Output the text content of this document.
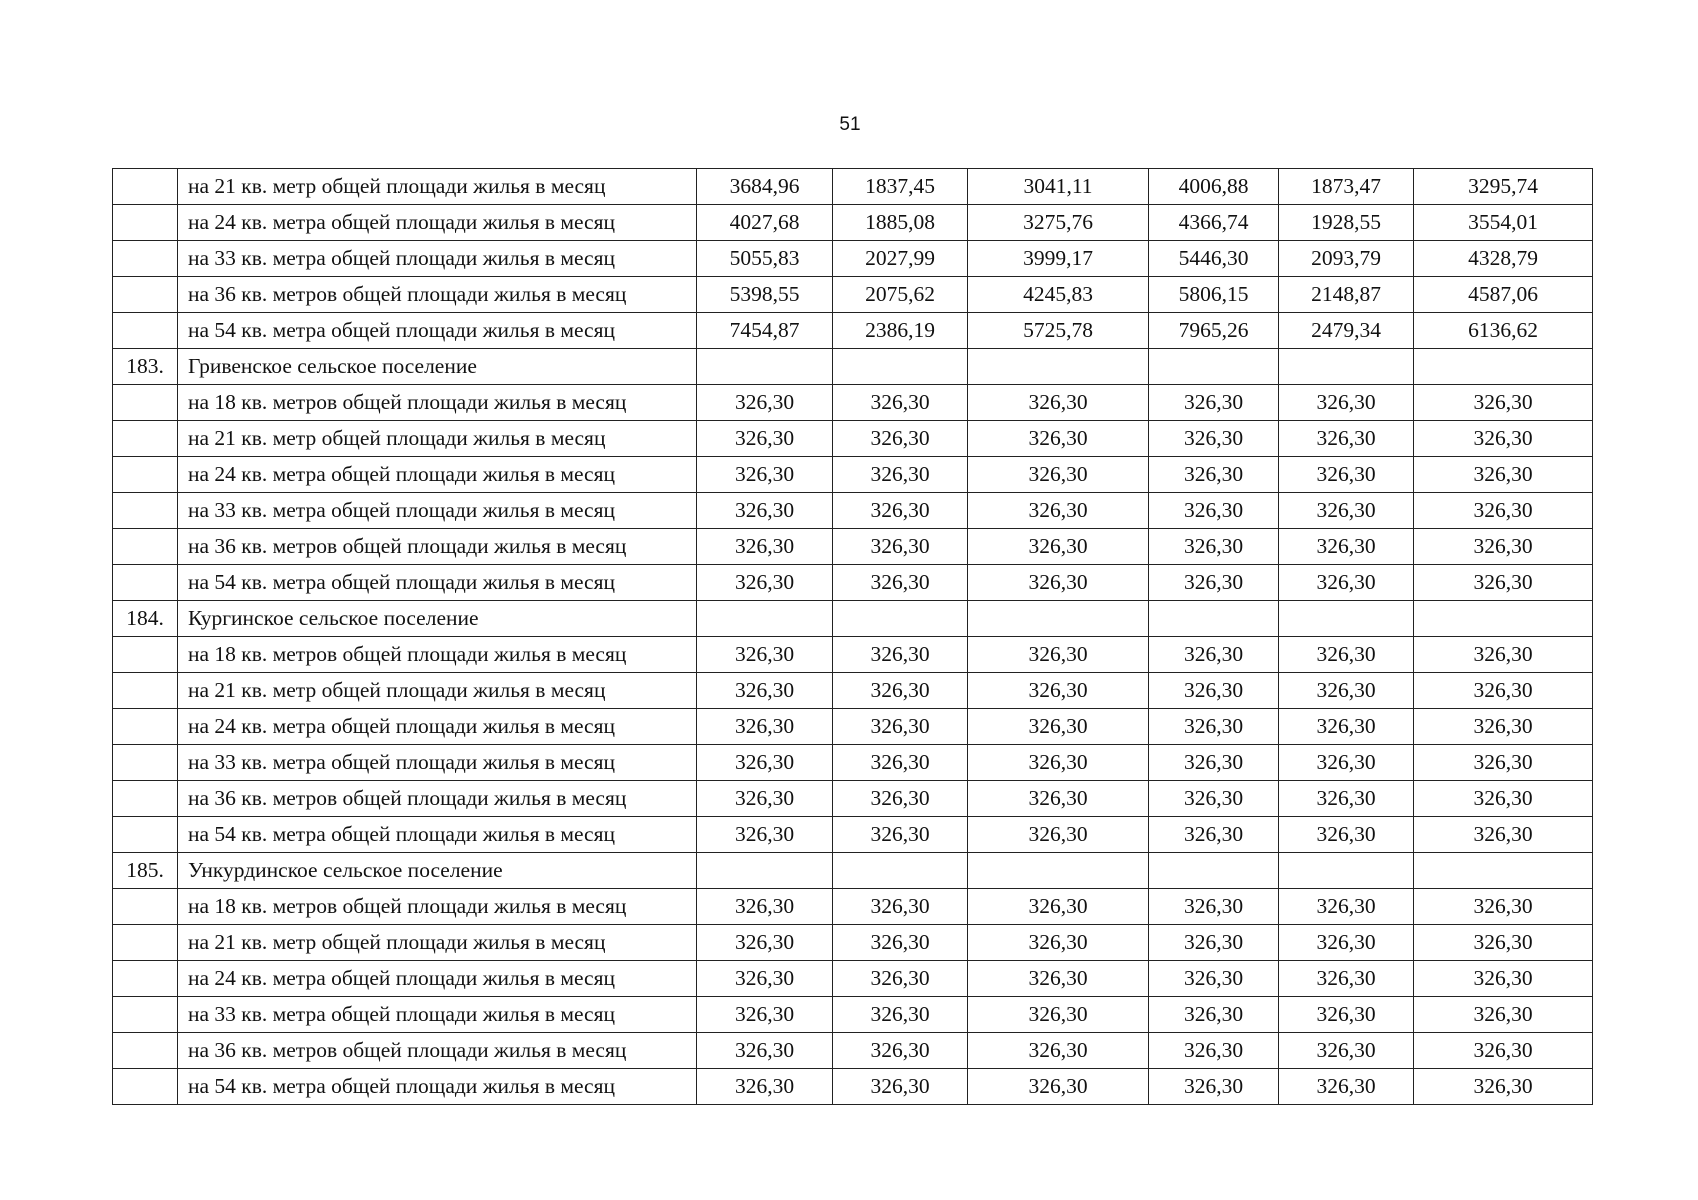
51
	на 21 кв. метр общей площади жилья в месяц	3684,96	1837,45	3041,11	4006,88	1873,47	3295,74
	на 24 кв. метра общей площади жилья в месяц	4027,68	1885,08	3275,76	4366,74	1928,55	3554,01
	на 33 кв. метра общей площади жилья в месяц	5055,83	2027,99	3999,17	5446,30	2093,79	4328,79
	на 36 кв. метров общей площади жилья в месяц	5398,55	2075,62	4245,83	5806,15	2148,87	4587,06
	на 54 кв. метра общей площади жилья в месяц	7454,87	2386,19	5725,78	7965,26	2479,34	6136,62
183.	Гривенское сельское поселение						
	на 18 кв. метров общей площади жилья в месяц	326,30	326,30	326,30	326,30	326,30	326,30
	на 21 кв. метр общей площади жилья в месяц	326,30	326,30	326,30	326,30	326,30	326,30
	на 24 кв. метра общей площади жилья в месяц	326,30	326,30	326,30	326,30	326,30	326,30
	на 33 кв. метра общей площади жилья в месяц	326,30	326,30	326,30	326,30	326,30	326,30
	на 36 кв. метров общей площади жилья в месяц	326,30	326,30	326,30	326,30	326,30	326,30
	на 54 кв. метра общей площади жилья в месяц	326,30	326,30	326,30	326,30	326,30	326,30
184.	Кургинское сельское поселение						
	на 18 кв. метров общей площади жилья в месяц	326,30	326,30	326,30	326,30	326,30	326,30
	на 21 кв. метр общей площади жилья в месяц	326,30	326,30	326,30	326,30	326,30	326,30
	на 24 кв. метра общей площади жилья в месяц	326,30	326,30	326,30	326,30	326,30	326,30
	на 33 кв. метра общей площади жилья в месяц	326,30	326,30	326,30	326,30	326,30	326,30
	на 36 кв. метров общей площади жилья в месяц	326,30	326,30	326,30	326,30	326,30	326,30
	на 54 кв. метра общей площади жилья в месяц	326,30	326,30	326,30	326,30	326,30	326,30
185.	Ункурдинское сельское поселение						
	на 18 кв. метров общей площади жилья в месяц	326,30	326,30	326,30	326,30	326,30	326,30
	на 21 кв. метр общей площади жилья в месяц	326,30	326,30	326,30	326,30	326,30	326,30
	на 24 кв. метра общей площади жилья в месяц	326,30	326,30	326,30	326,30	326,30	326,30
	на 33 кв. метра общей площади жилья в месяц	326,30	326,30	326,30	326,30	326,30	326,30
	на 36 кв. метров общей площади жилья в месяц	326,30	326,30	326,30	326,30	326,30	326,30
	на 54 кв. метра общей площади жилья в месяц	326,30	326,30	326,30	326,30	326,30	326,30
